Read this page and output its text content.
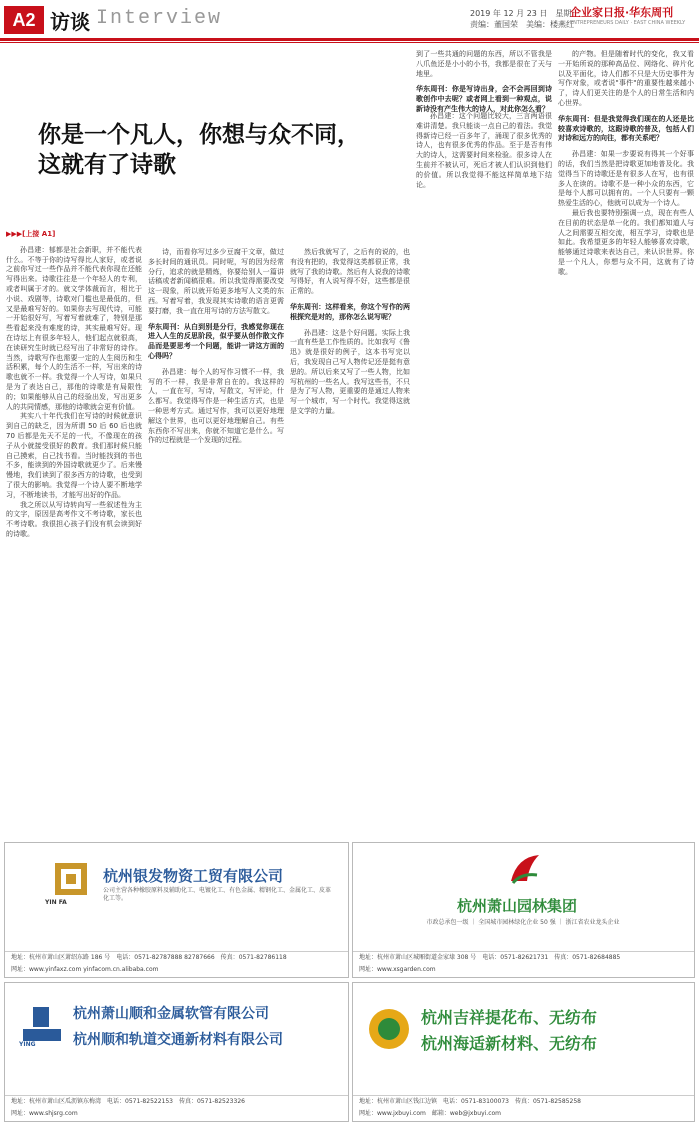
A2 访谈 Interview	2019 年 12 月 23 日　星期一
责编：董国荣　美编：楼燕红
企业家日报·华东周刊
ENTREPRENEURS DAILY · EAST CHINA WEEKLY
到了一些共通的问题的东西，所以不管我是八爪鱼还是小小的小书，我都是很在了天与地里。

华东周刊：你是写诗出身，会不会再回到诗歌创作中去呢？或者网上看到一种观点，说新诗没有产生伟大的诗人，对此你怎么看？

你是一个凡人，你想与众不同，
这就有了诗歌

▶▶▶[上接 A1]

孙昌建：郁都是社会新职，并不能代表什么。不等于你的诗写得比人家好，或者说之前你写过一些作品并不能代表你现在还能写得出来。诗歌往往是一个年轻人的专利，或者叫属于才的。就文学体裁而言，相比于小说、戏剧等，诗歌对门槛也是最低的，但又是最难写好的。如果你去写现代诗，可能一开始很好写，写着写着就难了，特别是那些看起来没有难度的诗，其实最难写好。现在诗坛上有很多年轻人，他们起点就很高，在读研究生时就已经写出了非常好的诗作。当然，诗歌写作也需要一定的人生阅历和生活积累，每个人的生活不一样，写出来的诗歌也就不一样。我觉得一个人写诗，如果只是为了表达自己，那他的诗歌是有局限性的；如果能够从自己的经验出发，写出更多人的共同情感，那他的诗歌就会更有价值。

其实八十年代我们在写诗的时候就意识到自己的缺乏，因为所谓 50 后 60 后也就 70 后都是先天不足的一代，不像现在的孩子从小就接受很好的教育。我们那时候只能自己摸索，自己找书看。当时能找到的书也不多，能读到的外国诗歌就更少了。后来慢慢地，我们读到了很多西方的诗歌，也受到了很大的影响。我觉得一个诗人要不断地学习，不断地读书，才能写出好的作品。

我之所以从写诗转向写一些叙述性为主的文字，原因是高考作文不考诗歌，家长也不考诗歌。我很担心孩子们没有机会读到好的诗歌。

诗，而看你写过多少豆腐干文章，做过多长时间的通讯员。同时呢，写的因为经常分行，追求的就是精炼，你要给别人一篇讲话稿或者新闻稿很难。所以我觉得需要改变这一现象，所以就开始更多地写人文类的东西。写着写着，我发现其实诗歌的语言更需要打磨，我一直在用写诗的方法写散文。

华东周刊：从白到别是分行，我感觉你现在进入人生的反思阶段，似乎要从创作散文作品而是要思考一个问题，能讲一讲这方面的心得吗？

孙昌建：每个人的写作习惯不一样，我写的不一样，我是非常自在的。我这样的人，一直在写，写诗，写散文，写评论，什么都写。我觉得写作是一种生活方式，也是一种思考方式。通过写作，我可以更好地理解这个世界，也可以更好地理解自己。有些东西你不写出来，你就不知道它是什么。写作的过程就是一个发现的过程。

然后我就写了，之后有的说的，也有没有把的，我觉得这类都很正常，我就写了我的诗歌。然后有人说我的诗歌写得好，有人说写得不好，这些都是很正常的。

华东周刊：这样看来，你这个写作的两根探究是对的，那你怎么说写呢？

孙昌建：这是个好问题。实际上我一直有些是工作性质的。比如我写《鲁迅》就是很好的例子，这本书写完以后，我发现自己写人物传记还是挺有意思的。所以后来又写了一些人物，比如写杭州的一些名人。我写这些书，不只是为了写人物，更重要的是通过人物来写一个城市，写一个时代。我觉得这就是文学的力量。

孙昌建：这个问题比较大，三言两语很难讲清楚。我只能谈一点自己的看法。我觉得新诗已经一百多年了，涌现了很多优秀的诗人，也有很多优秀的作品。至于是否有伟大的诗人，这需要时间来检验。很多诗人在生前并不被认可，死后才被人们认识到他们的价值。所以我觉得不能这样简单地下结论。

的产物。但是随着时代的变化，我又看一开始所说的那种高品位、网络化、碎片化以及平面化，诗人们都不只是大历史事件为写作对象，或者说"事件"的重要性越来越小了，诗人们更关注的是个人的日常生活和内心世界。

华东周刊：但是我觉得我们现在的人还是比较喜欢诗歌的，这跟诗歌的普及，包括人们对诗和远方的向往，都有关系吧？

孙昌建：如果一步要说有得其一个好事的话，我们当然是把诗歌更加地普及化。我觉得当下的诗歌还是有很多人在写，也有很多人在读的。诗歌不是一种小众的东西，它是每个人都可以拥有的。一个人只要有一颗热爱生活的心，他就可以成为一个诗人。

最后我也要特别强调一点，现在有些人在目前的状态是单一化的。我们都知道人与人之间需要互相交流，相互学习，诗歌也是如此。我希望更多的年轻人能够喜欢诗歌，能够通过诗歌来表达自己，来认识世界。你是一个凡人，你想与众不同，这就有了诗歌。

YIN FA
杭州银发物资工贸有限公司
公司主营各种橡胶原料及辅助化工、电镀化工、有色金属、精钢化工、金属化工、皮革化工等。
地址：杭州市萧山区萧绍东路 186 号　电话：0571-82787888 82787666　传真：0571-82786118
网址：www.yinfaxz.com yinfacom.cn.alibaba.com
杭州萧山园林集团
市政总承包一级 ｜ 全国城市园林绿化企业 50 强 ｜ 浙江省农业龙头企业
地址：杭州市萧山区城厢街道金家埭 308 号　电话：0571-82621731　传真：0571-82684885
网址：www.xsgarden.com
YING
杭州萧山顺和金属软管有限公司
杭州顺和轨道交通新材料有限公司
地址：杭州市萧山区瓜沥镇东梅湾　电话：0571-82522153　传真：0571-82523326
网址：www.shjsrg.com
杭州吉祥提花布、无纺布
杭州海适新材料、无纺布
地址：杭州市萧山区钱江边镇　电话：0571-83100073　传真：0571-82585258
网址：www.jxbuyi.com　邮箱：web@jxbuyi.com
